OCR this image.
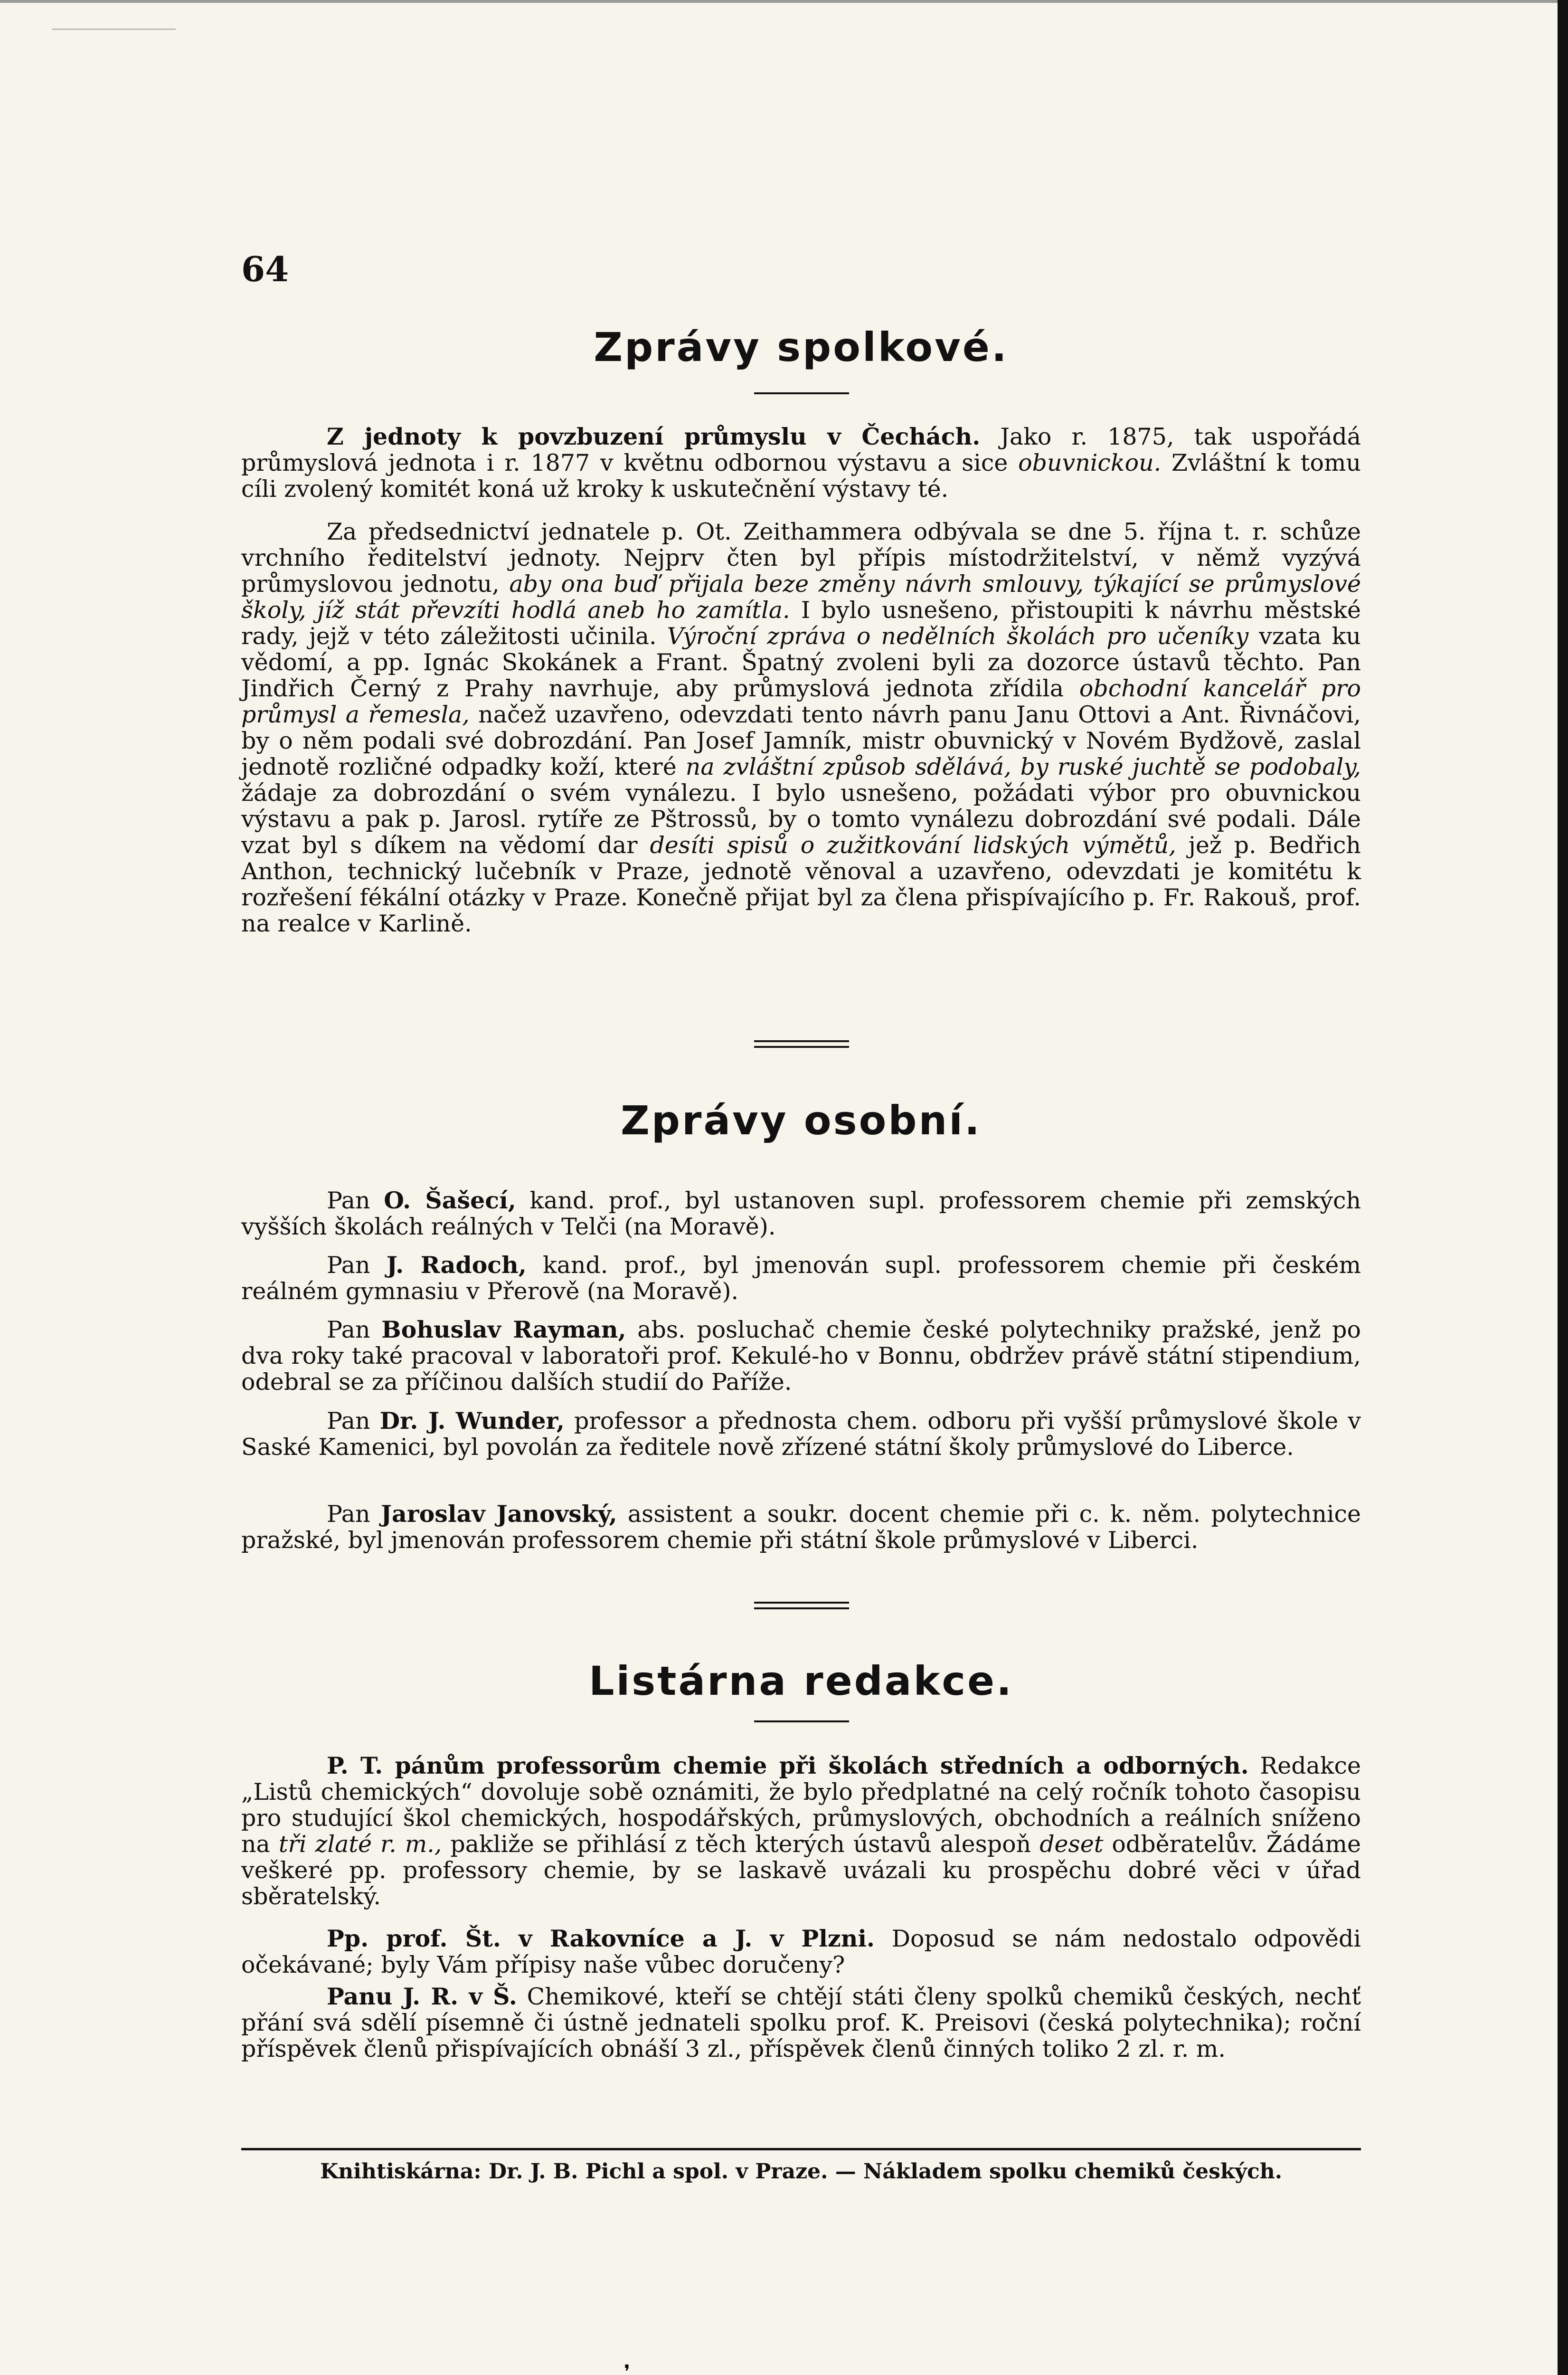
64
Zprávy spolkové.

Z jednoty k povzbuzení průmyslu v Čechách. Jako r. 1875, tak uspořádá průmyslová jednota i r. 1877 v květnu odbornou výstavu a sice obuvnickou. Zvláštní k tomu cíli zvolený komitét koná už kroky k uskutečnění výstavy té.

Za předsednictví jednatele p. Ot. Zeithammera odbývala se dne 5. října t. r. schůze vrchního ředitelství jednoty. Nejprv čten byl přípis místodržitelství, v němž vyzývá průmyslovou jednotu, aby ona buď přijala beze změny návrh smlouvy, týkající se průmyslové školy, jíž stát převzíti hodlá aneb ho zamítla. I bylo usnešeno, přistoupiti k návrhu městské rady, jejž v této záležitosti učinila. Výroční zpráva o nedělních školách pro učeníky vzata ku vědomí, a pp. Ignác Skokánek a Frant. Špatný zvoleni byli za dozorce ústavů těchto. Pan Jindřich Černý z Prahy navrhuje, aby průmyslová jednota zřídila obchodní kancelář pro průmysl a řemesla, načež uzavřeno, odevzdati tento návrh panu Janu Ottovi a Ant. Řivnáčovi, by o něm podali své dobrozdání. Pan Josef Jamník, mistr obuvnický v Novém Bydžově, zaslal jednotě rozličné odpadky koží, které na zvláštní způsob sdělává, by ruské juchtě se podobaly, žádaje za dobrozdání o svém vynálezu. I bylo usnešeno, požádati výbor pro obuvnickou výstavu a pak p. Jarosl. rytíře ze Pštrossů, by o tomto vynálezu dobrozdání své podali. Dále vzat byl s díkem na vědomí dar desíti spisů o zužitkování lidských výmětů, jež p. Bedřich Anthon, technický lučebník v Praze, jednotě věnoval a uzavřeno, odevzdati je komitétu k rozřešení fékální otázky v Praze. Konečně přijat byl za člena přispívajícího p. Fr. Rakouš, prof. na realce v Karlině.

Zprávy osobní.

Pan O. Šašecí, kand. prof., byl ustanoven supl. professorem chemie při zemských vyšších školách reálných v Telči (na Moravě).

Pan J. Radoch, kand. prof., byl jmenován supl. professorem chemie při českém reálném gymnasiu v Přerově (na Moravě).

Pan Bohuslav Rayman, abs. posluchač chemie české polytechniky pražské, jenž po dva roky také pracoval v laboratoři prof. Kekulé-ho v Bonnu, obdržev právě státní stipendium, odebral se za příčinou dalších studií do Paříže.

Pan Dr. J. Wunder, professor a přednosta chem. odboru při vyšší průmyslové škole v Saské Kamenici, byl povolán za ředitele nově zřízené státní školy průmyslové do Liberce.

Pan Jaroslav Janovský, assistent a soukr. docent chemie při c. k. něm. polytechnice pražské, byl jmenován professorem chemie při státní škole průmyslové v Liberci.

Listárna redakce.

P. T. pánům professorům chemie při školách středních a odborných. Redakce „Listů chemických“ dovoluje sobě oznámiti, že bylo předplatné na celý ročník tohoto časopisu pro studující škol chemických, hospodářských, průmyslových, obchodních a reálních sníženo na tři zlaté r. m., pakliže se přihlásí z těch kterých ústavů alespoň deset odběratelův. Žádáme veškeré pp. professory chemie, by se laskavě uvázali ku prospěchu dobré věci v úřad sběratelský.

Pp. prof. Št. v Rakovníce a J. v Plzni. Doposud se nám nedostalo odpovědi očekávané; byly Vám přípisy naše vůbec doručeny?

Panu J. R. v Š. Chemikové, kteří se chtějí státi členy spolků chemiků českých, nechť přání svá sdělí písemně či ústně jednateli spolku prof. K. Preisovi (česká polytechnika); roční příspěvek členů přispívajících obnáší 3 zl., příspěvek členů činných toliko 2 zl. r. m.

Knihtiskárna: Dr. J. B. Pichl a spol. v Praze. — Nákladem spolku chemiků českých.
❜
